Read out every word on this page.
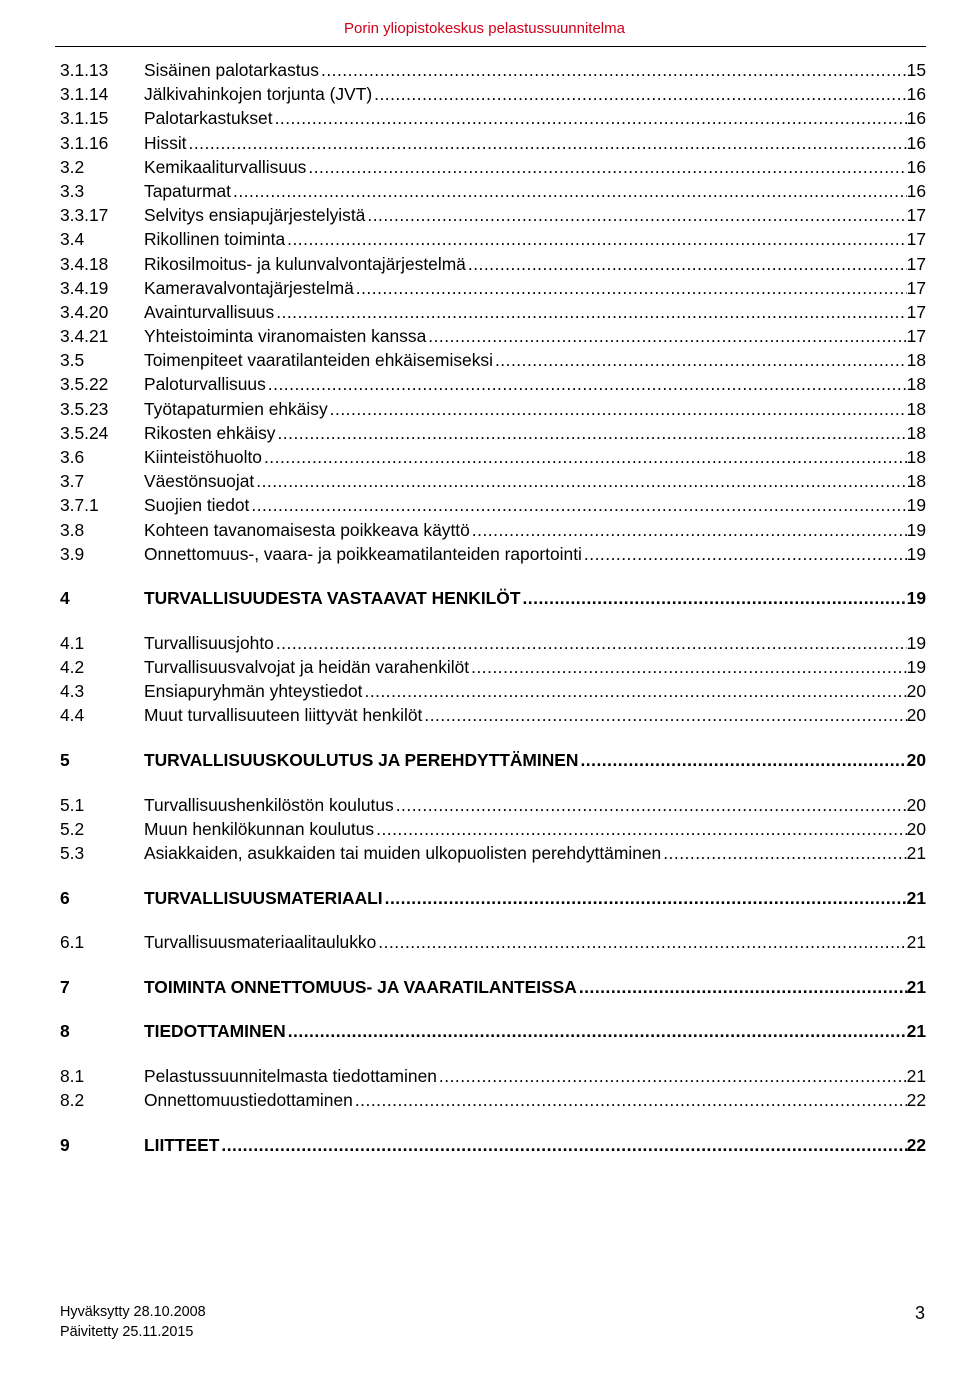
Porin yliopistokeskus pelastussuunnitelma
3.1.13	Sisäinen palotarkastus .....	15
3.1.14	Jälkivahinkojen torjunta (JVT) .....	16
3.1.15	Palotarkastukset .....	16
3.1.16	Hissit .....	16
3.2	Kemikaaliturvallisuus .....	16
3.3	Tapaturmat .....	16
3.3.17	Selvitys ensiapujärjestelyistä .....	17
3.4	Rikollinen toiminta .....	17
3.4.18	Rikosilmoitus- ja kulunvalvontajärjestelmä .....	17
3.4.19	Kameravalvontajärjestelmä .....	17
3.4.20	Avainturvallisuus .....	17
3.4.21	Yhteistoiminta viranomaisten kanssa .....	17
3.5	Toimenpiteet vaaratilanteiden ehkäisemiseksi .....	18
3.5.22	Paloturvallisuus .....	18
3.5.23	Työtapaturmien ehkäisy .....	18
3.5.24	Rikosten ehkäisy .....	18
3.6	Kiinteistöhuolto .....	18
3.7	Väestönsuojat .....	18
3.7.1	Suojien tiedot .....	19
3.8	Kohteen tavanomaisesta poikkeava käyttö .....	19
3.9	Onnettomuus-, vaara- ja poikkeamatilanteiden raportointi .....	19
4	TURVALLISUUDESTA VASTAAVAT HENKILÖT .....	19
4.1	Turvallisuusjohto .....	19
4.2	Turvallisuusvalvojat ja heidän varahenkilöt .....	19
4.3	Ensiapuryhmän yhteystiedot .....	20
4.4	Muut turvallisuuteen liittyvät henkilöt .....	20
5	TURVALLISUUSKOULUTUS JA PEREHDYTTÄMINEN .....	20
5.1	Turvallisuushenkilöstön koulutus .....	20
5.2	Muun henkilökunnan koulutus .....	20
5.3	Asiakkaiden, asukkaiden tai muiden ulkopuolisten perehdyttäminen .....	21
6	TURVALLISUUSMATERIAALI .....	21
6.1	Turvallisuusmateriaalitaulukko .....	21
7	TOIMINTA ONNETTOMUUS- JA VAARATILANTEISSA .....	21
8	TIEDOTTAMINEN .....	21
8.1	Pelastussuunnitelmasta tiedottaminen .....	21
8.2	Onnettomuustiedottaminen .....	22
9	LIITTEET .....	22
Hyväksytty 28.10.2008
Päivitetty 25.11.2015
3
